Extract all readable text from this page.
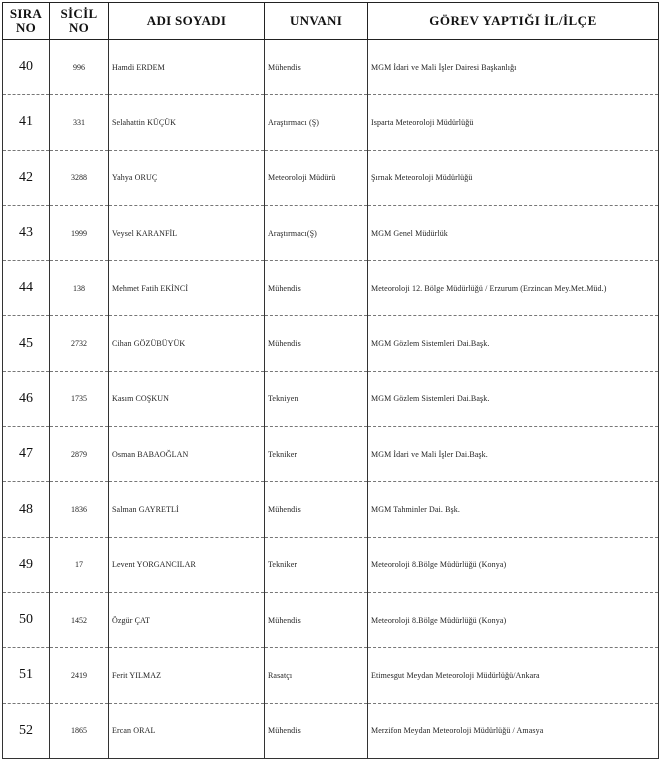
SIRA NO	SİCİL NO	ADI SOYADI	UNVANI	GÖREV YAPTIĞI İL/İLÇE
40	996	Hamdi ERDEM	Mühendis	MGM İdari ve Mali İşler Dairesi Başkanlığı
41	331	Selahattin KÜÇÜK	Araştırmacı (Ş)	Isparta Meteoroloji Müdürlüğü
42	3288	Yahya ORUÇ	Meteoroloji Müdürü	Şırnak Meteoroloji Müdürlüğü
43	1999	Veysel KARANFİL	Araştırmacı(Ş)	MGM Genel Müdürlük
44	138	Mehmet Fatih EKİNCİ	Mühendis	Meteoroloji 12. Bölge Müdürlüğü / Erzurum (Erzincan Mey.Met.Müd.)
45	2732	Cihan GÖZÜBÜYÜK	Mühendis	MGM Gözlem Sistemleri Dai.Başk.
46	1735	Kasım COŞKUN	Tekniyen	MGM Gözlem Sistemleri Dai.Başk.
47	2879	Osman BABAOĞLAN	Tekniker	MGM İdari ve Mali İşler Dai.Başk.
48	1836	Salman GAYRETLİ	Mühendis	MGM Tahminler Dai. Bşk.
49	17	Levent YORGANCILAR	Tekniker	Meteoroloji 8.Bölge Müdürlüğü (Konya)
50	1452	Özgür ÇAT	Mühendis	Meteoroloji 8.Bölge Müdürlüğü (Konya)
51	2419	Ferit YILMAZ	Rasatçı	Etimesgut Meydan Meteoroloji Müdürlüğü/Ankara
52	1865	Ercan ORAL	Mühendis	Merzifon Meydan Meteoroloji Müdürlüğü / Amasya
